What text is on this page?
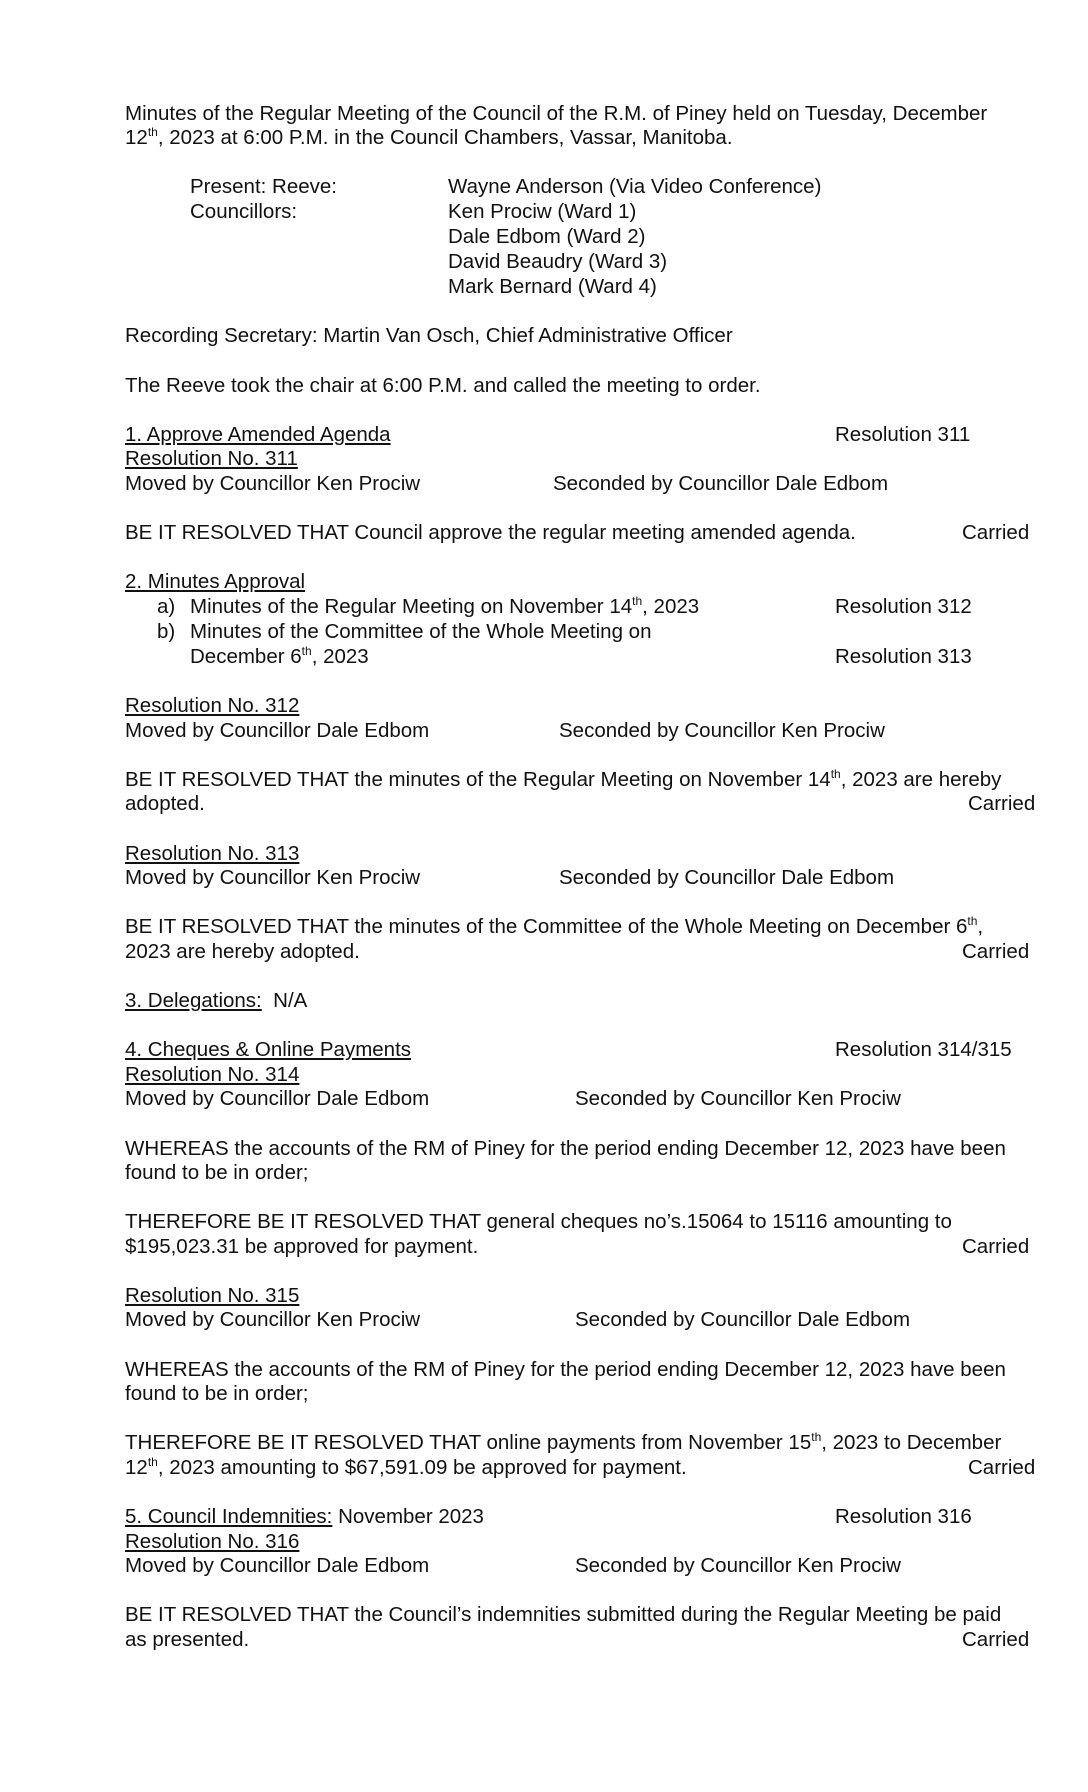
Minutes of the Regular Meeting of the Council of the R.M. of Piney held on Tuesday, December
12th, 2023 at 6:00 P.M. in the Council Chambers, Vassar, Manitoba.
Present: Reeve:	Wayne Anderson (Via Video Conference)
Councillors:	Ken Prociw (Ward 1)
Dale Edbom (Ward 2)
David Beaudry (Ward 3)
Mark Bernard (Ward 4)
Recording Secretary: Martin Van Osch, Chief Administrative Officer
The Reeve took the chair at 6:00 P.M. and called the meeting to order.
1. Approve Amended Agenda	Resolution 311
Resolution No. 311
Moved by Councillor Ken Prociw	Seconded by Councillor Dale Edbom
BE IT RESOLVED THAT Council approve the regular meeting amended agenda.	Carried
2. Minutes Approval
a) Minutes of the Regular Meeting on November 14th, 2023	Resolution 312
b) Minutes of the Committee of the Whole Meeting on
December 6th, 2023	Resolution 313
Resolution No. 312
Moved by Councillor Dale Edbom	Seconded by Councillor Ken Prociw
BE IT RESOLVED THAT the minutes of the Regular Meeting on November 14th, 2023 are hereby
adopted.	Carried
Resolution No. 313
Moved by Councillor Ken Prociw	Seconded by Councillor Dale Edbom
BE IT RESOLVED THAT the minutes of the Committee of the Whole Meeting on December 6th,
2023 are hereby adopted.	Carried
3. Delegations: N/A
4. Cheques & Online Payments	Resolution 314/315
Resolution No. 314
Moved by Councillor Dale Edbom	Seconded by Councillor Ken Prociw
WHEREAS the accounts of the RM of Piney for the period ending December 12, 2023 have been
found to be in order;
THEREFORE BE IT RESOLVED THAT general cheques no’s.15064 to 15116 amounting to
$195,023.31 be approved for payment.	Carried
Resolution No. 315
Moved by Councillor Ken Prociw	Seconded by Councillor Dale Edbom
WHEREAS the accounts of the RM of Piney for the period ending December 12, 2023 have been
found to be in order;
THEREFORE BE IT RESOLVED THAT online payments from November 15th, 2023 to December
12th, 2023 amounting to $67,591.09 be approved for payment.	Carried
5. Council Indemnities: November 2023	Resolution 316
Resolution No. 316
Moved by Councillor Dale Edbom	Seconded by Councillor Ken Prociw
BE IT RESOLVED THAT the Council’s indemnities submitted during the Regular Meeting be paid
as presented.	Carried
